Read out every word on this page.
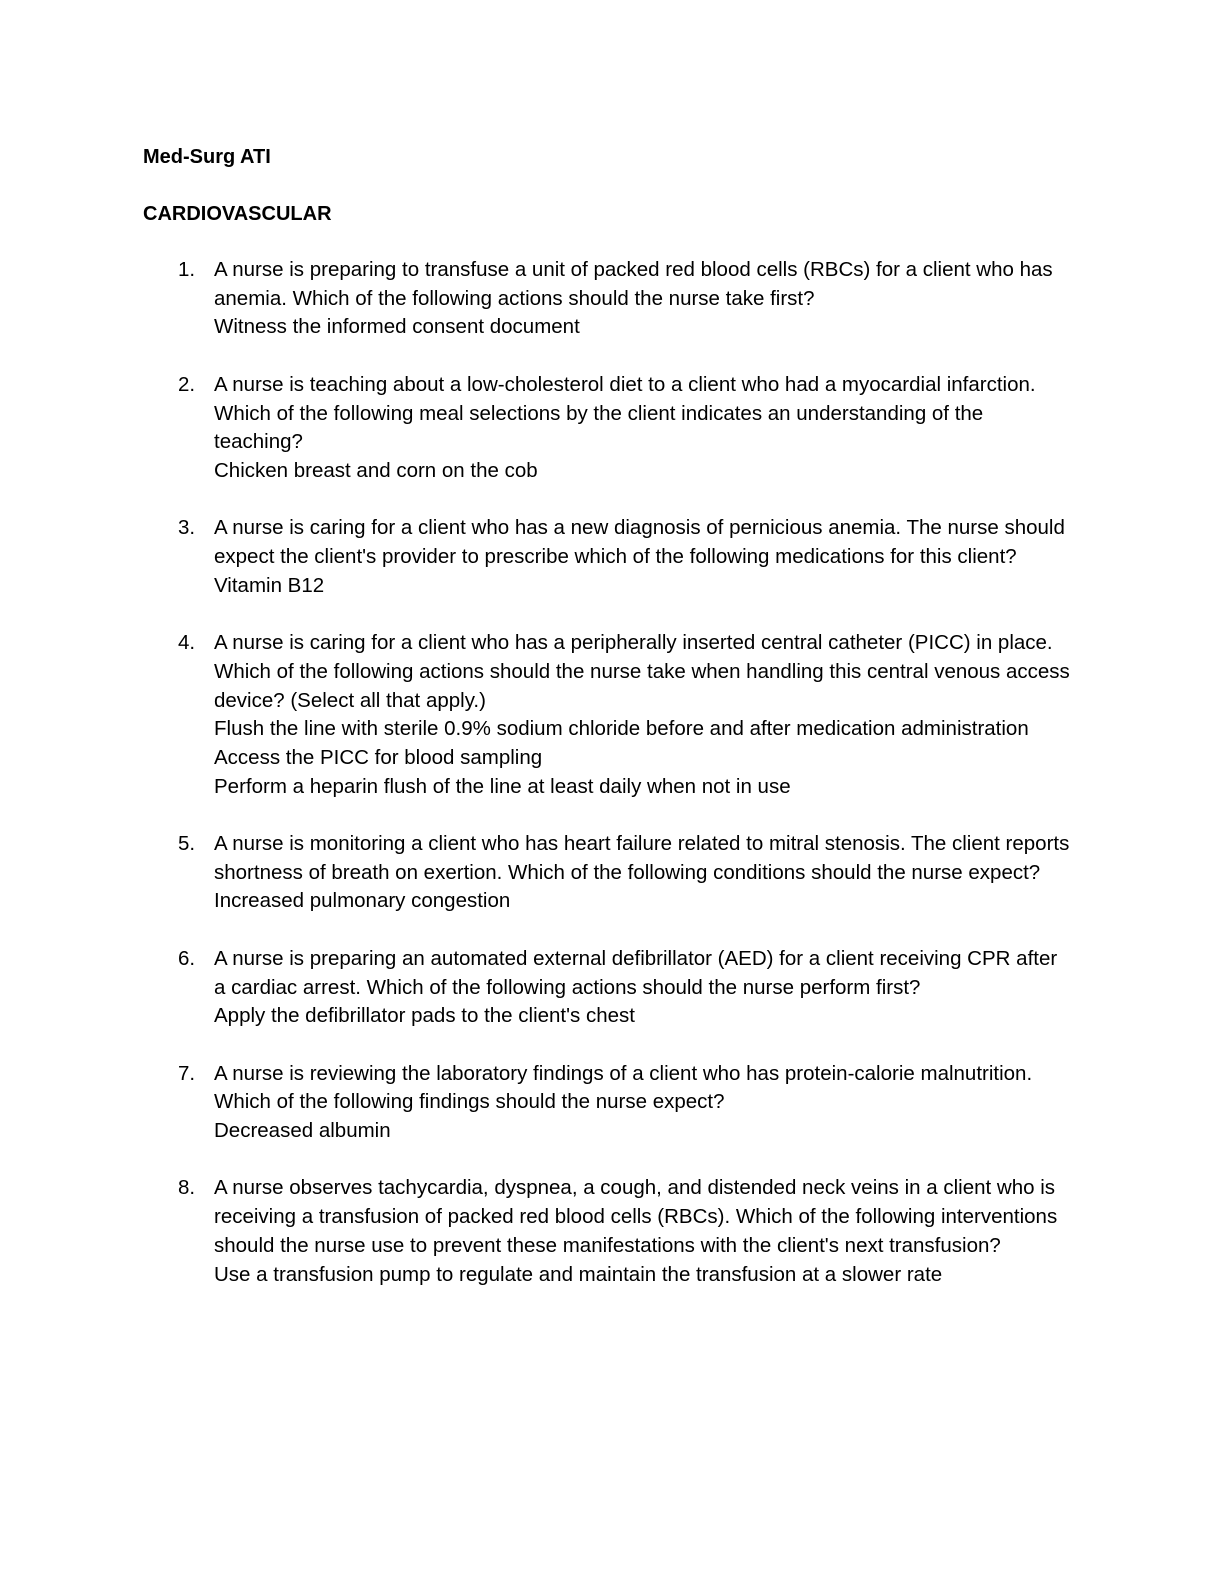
Med-Surg ATI
CARDIOVASCULAR
1. A nurse is preparing to transfuse a unit of packed red blood cells (RBCs) for a client who has anemia. Which of the following actions should the nurse take first?
Witness the informed consent document
2. A nurse is teaching about a low-cholesterol diet to a client who had a myocardial infarction. Which of the following meal selections by the client indicates an understanding of the teaching?
Chicken breast and corn on the cob
3. A nurse is caring for a client who has a new diagnosis of pernicious anemia. The nurse should expect the client's provider to prescribe which of the following medications for this client?
Vitamin B12
4. A nurse is caring for a client who has a peripherally inserted central catheter (PICC) in place. Which of the following actions should the nurse take when handling this central venous access device? (Select all that apply.)
Flush the line with sterile 0.9% sodium chloride before and after medication administration
Access the PICC for blood sampling
Perform a heparin flush of the line at least daily when not in use
5. A nurse is monitoring a client who has heart failure related to mitral stenosis. The client reports shortness of breath on exertion. Which of the following conditions should the nurse expect?
Increased pulmonary congestion
6. A nurse is preparing an automated external defibrillator (AED) for a client receiving CPR after a cardiac arrest. Which of the following actions should the nurse perform first?
Apply the defibrillator pads to the client's chest
7. A nurse is reviewing the laboratory findings of a client who has protein-calorie malnutrition. Which of the following findings should the nurse expect?
Decreased albumin
8. A nurse observes tachycardia, dyspnea, a cough, and distended neck veins in a client who is receiving a transfusion of packed red blood cells (RBCs). Which of the following interventions should the nurse use to prevent these manifestations with the client's next transfusion?
Use a transfusion pump to regulate and maintain the transfusion at a slower rate
